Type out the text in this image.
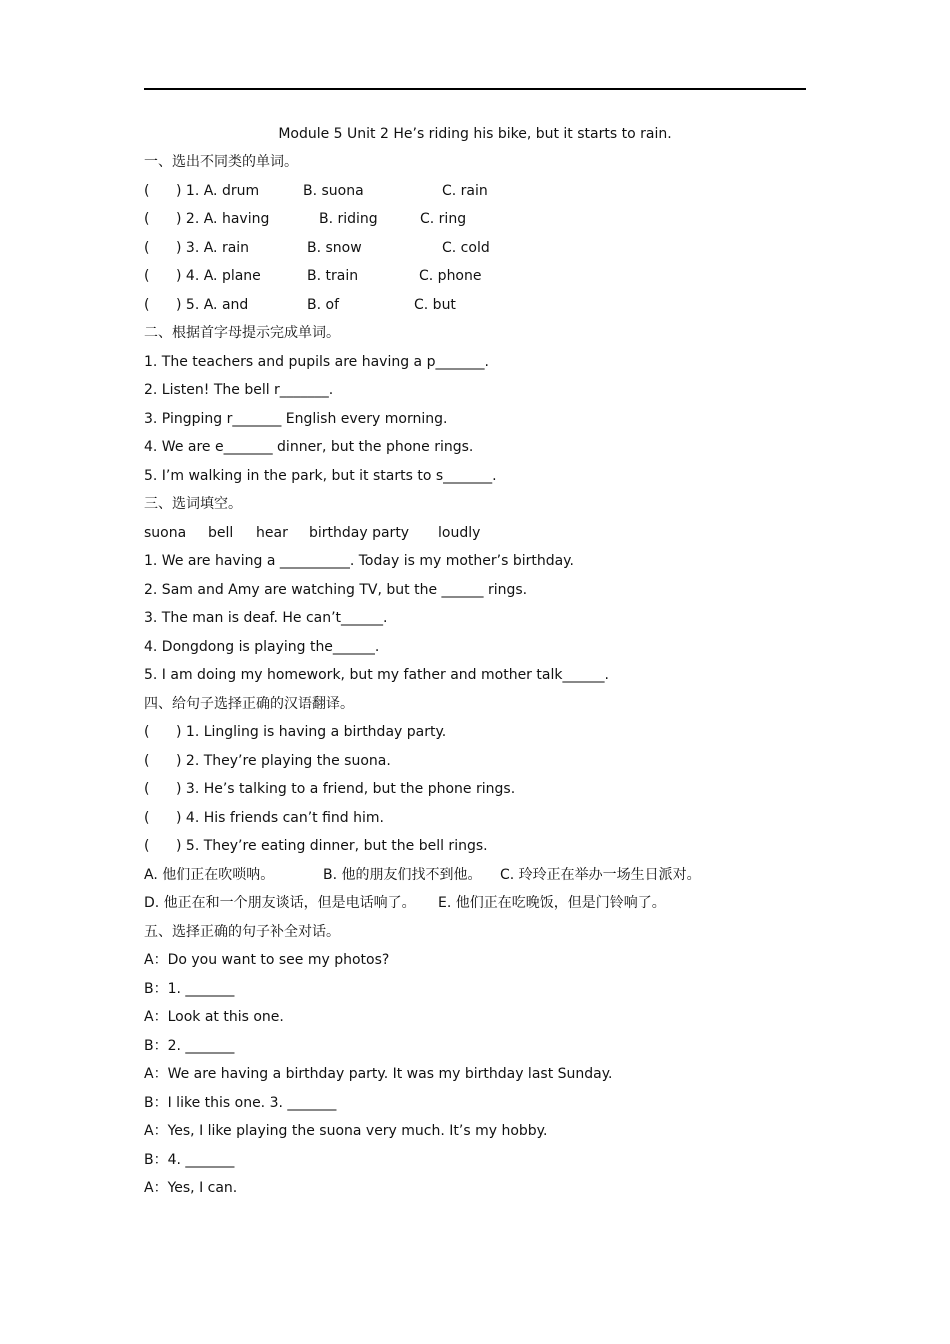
Module 5 Unit 2 He’s riding his bike, but it starts to rain.
一、选出不同类的单词。
( ) 1. A. drum	B. suona	C. rain
( ) 2. A. having	B. riding	C. ring
( ) 3. A. rain	B. snow	C. cold
( ) 4. A. plane	B. train	C. phone
( ) 5. A. and	B. of	C. but
二、根据首字母提示完成单词。
1. The teachers and pupils are having a p_______.
2. Listen! The bell r_______.
3. Pingping r_______ English every morning.
4. We are e_______ dinner, but the phone rings.
5. I’m walking in the park, but it starts to s_______.
三、选词填空。
suona bell hear birthday party loudly
1. We are having a __________. Today is my mother’s birthday.
2. Sam and Amy are watching TV, but the ______ rings.
3. The man is deaf. He can’t______.
4. Dongdong is playing the______.
5. I am doing my homework, but my father and mother talk______.
四、给句子选择正确的汉语翻译。
( ) 1. Lingling is having a birthday party.
( ) 2. They’re playing the suona.
( ) 3. He’s talking to a friend, but the phone rings.
( ) 4. His friends can’t find him.
( ) 5. They’re eating dinner, but the bell rings.
A. 他们正在吹唢呐。	B. 他的朋友们找不到他。 C. 玲玲正在举办一场生日派对。
D. 他正在和一个朋友谈话，但是电话响了。 E. 他们正在吃晚饭，但是门铃响了。
五、选择正确的句子补全对话。
A：Do you want to see my photos?
B：1. _______
A：Look at this one.
B：2. _______
A：We are having a birthday party. It was my birthday last Sunday.
B：I like this one. 3. _______
A：Yes, I like playing the suona very much. It’s my hobby.
B：4. _______
A：Yes, I can.
